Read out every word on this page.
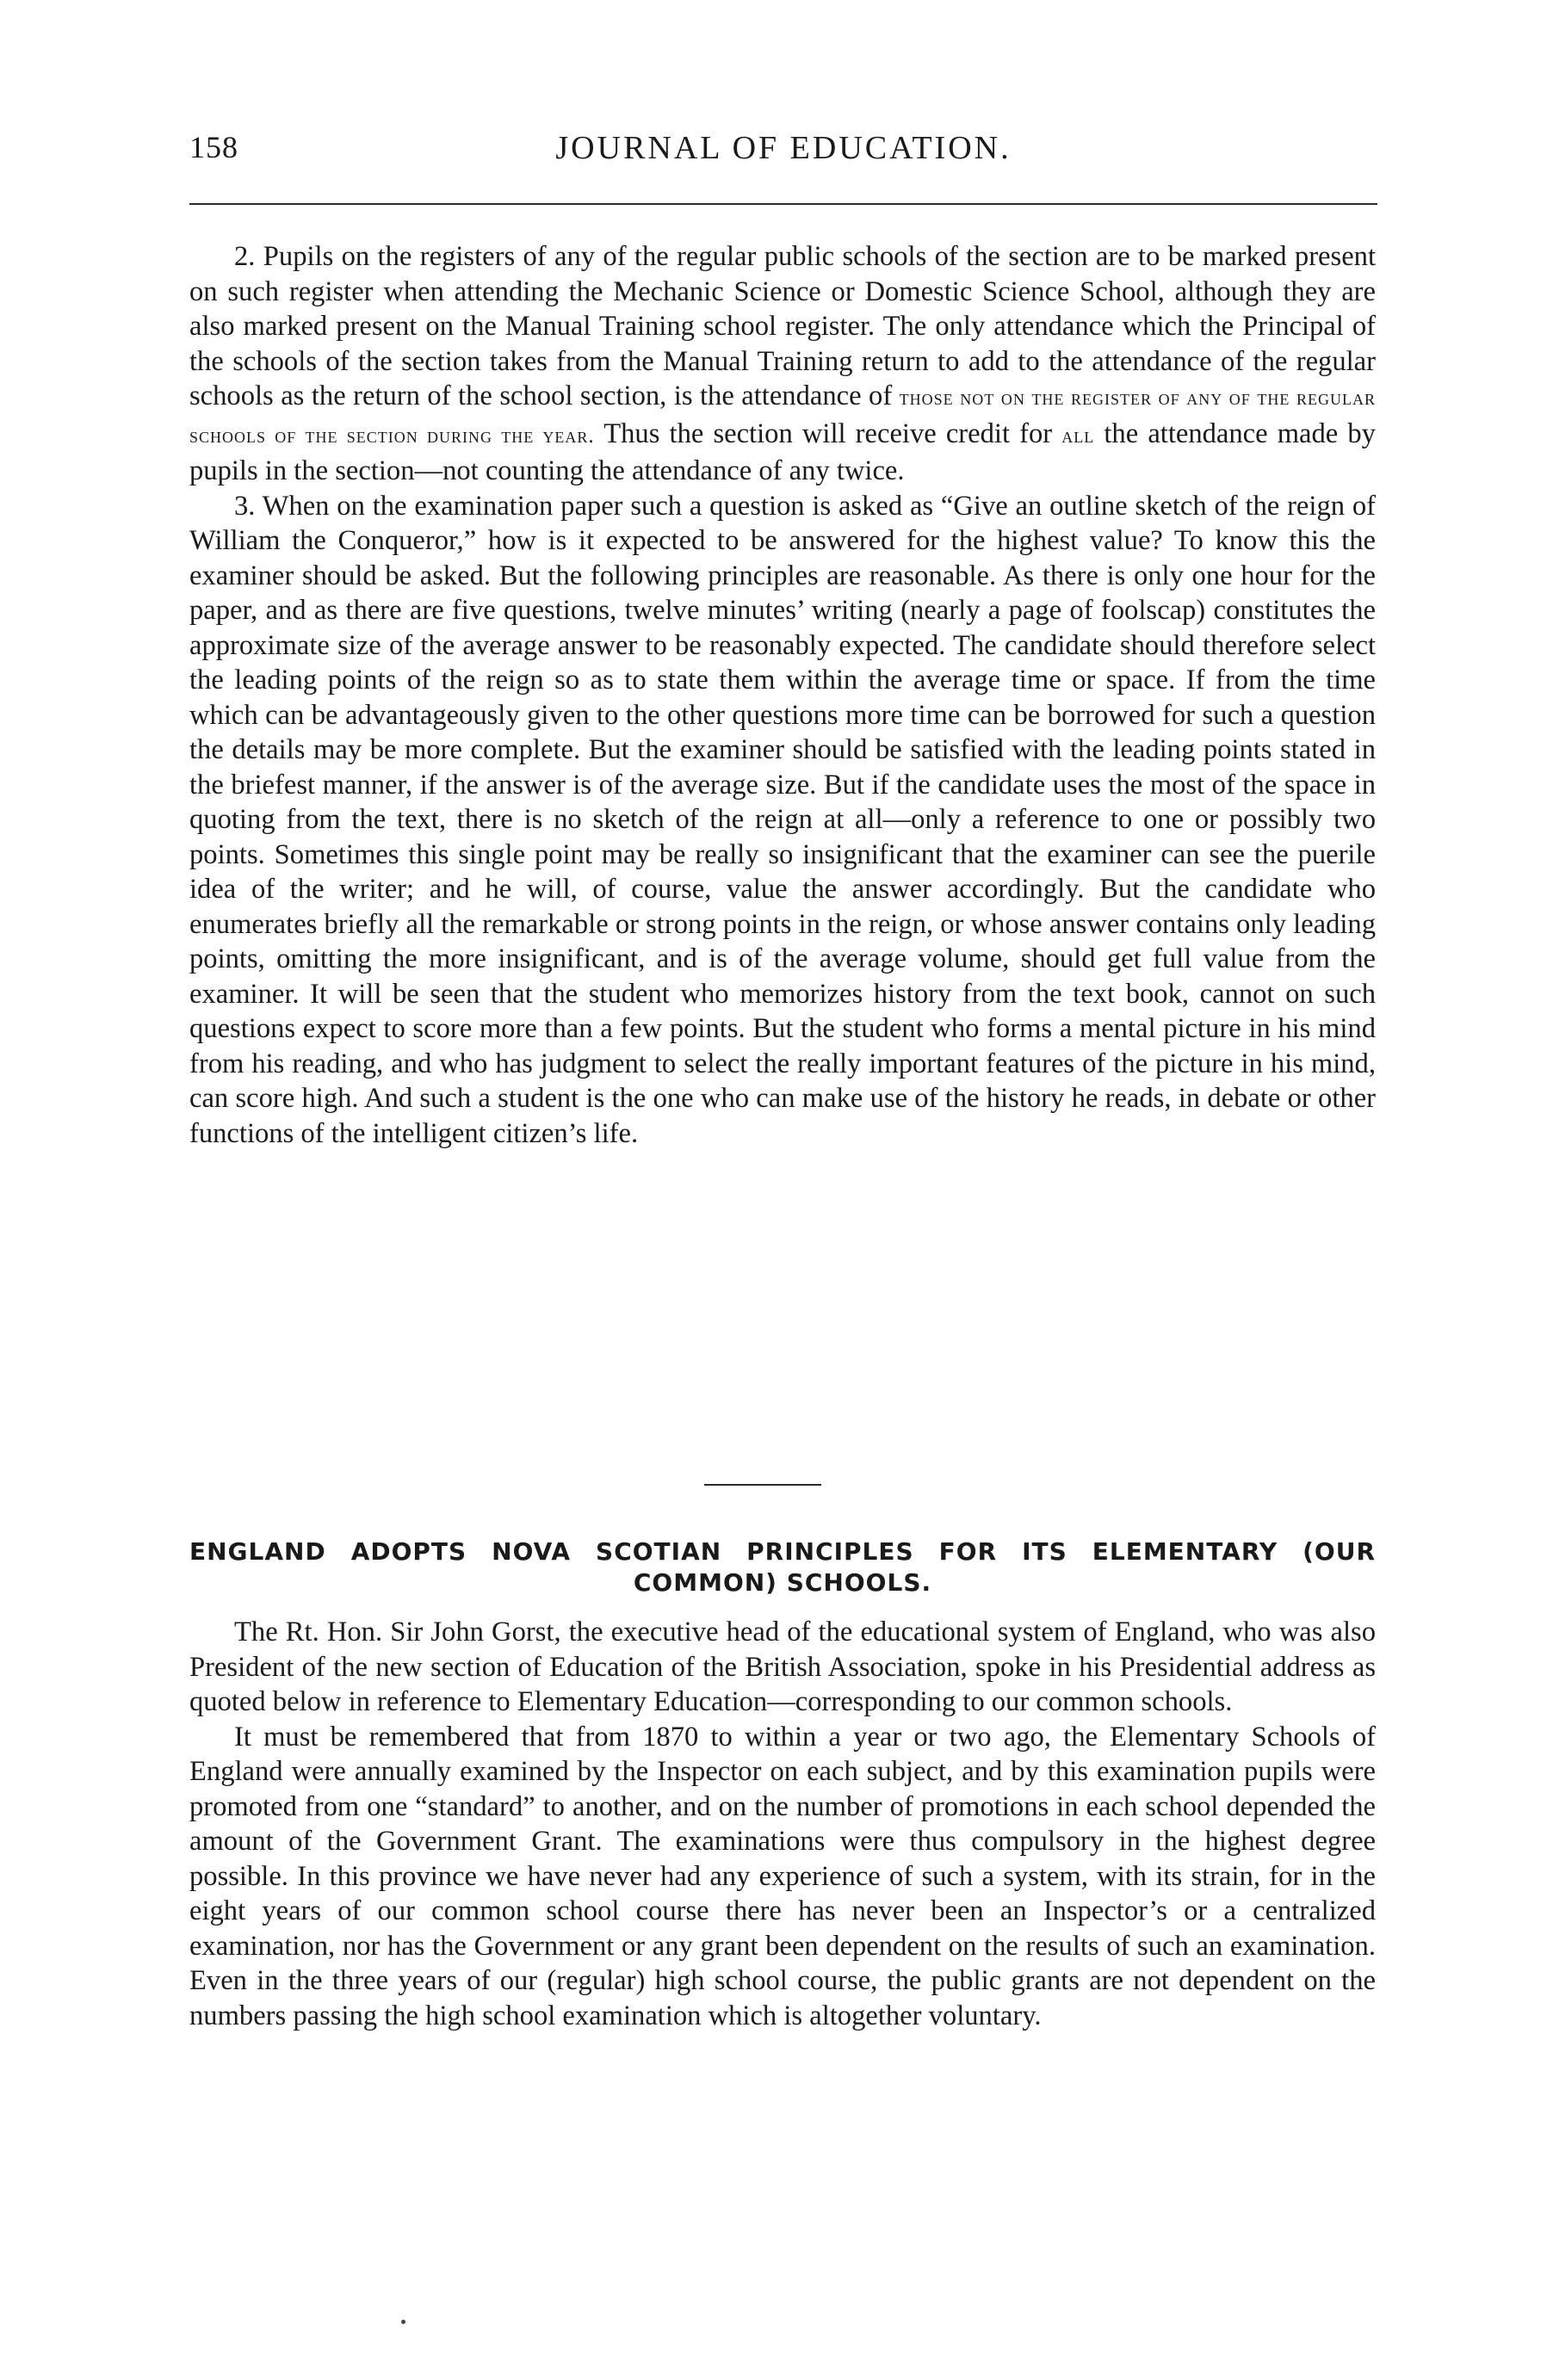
158	JOURNAL OF EDUCATION.

2. Pupils on the registers of any of the regular public schools of the section are to be marked present on such register when attending the Mechanic Science or Domestic Science School, although they are also marked present on the Manual Training school register. The only attendance which the Principal of the schools of the section takes from the Manual Training return to add to the attendance of the regular schools as the return of the school section, is the attendance of those not on the register of any of the regular schools of the section during the year. Thus the section will receive credit for all the attendance made by pupils in the section—not counting the attendance of any twice.

3. When on the examination paper such a question is asked as “Give an outline sketch of the reign of William the Conqueror,” how is it expected to be answered for the highest value? To know this the examiner should be asked. But the following principles are reasonable. As there is only one hour for the paper, and as there are five questions, twelve minutes’ writing (nearly a page of foolscap) constitutes the approximate size of the average answer to be reasonably expected. The candidate should therefore select the leading points of the reign so as to state them within the average time or space. If from the time which can be advantageously given to the other questions more time can be borrowed for such a question the details may be more complete. But the examiner should be satisfied with the leading points stated in the briefest manner, if the answer is of the average size. But if the candidate uses the most of the space in quoting from the text, there is no sketch of the reign at all—only a reference to one or possibly two points. Sometimes this single point may be really so insignificant that the examiner can see the puerile idea of the writer; and he will, of course, value the answer accordingly. But the candidate who enumerates briefly all the remarkable or strong points in the reign, or whose answer contains only leading points, omitting the more insignificant, and is of the average volume, should get full value from the examiner. It will be seen that the student who memorizes history from the text book, cannot on such questions expect to score more than a few points. But the student who forms a mental picture in his mind from his reading, and who has judgment to select the really important features of the picture in his mind, can score high. And such a student is the one who can make use of the history he reads, in debate or other functions of the intelligent citizen’s life.

ENGLAND ADOPTS NOVA SCOTIAN PRINCIPLES FOR ITS ELEMENTARY (OUR COMMON) SCHOOLS.

The Rt. Hon. Sir John Gorst, the executive head of the educational system of England, who was also President of the new section of Education of the British Association, spoke in his Presidential address as quoted below in reference to Elementary Education—corresponding to our common schools.

It must be remembered that from 1870 to within a year or two ago, the Elementary Schools of England were annually examined by the Inspector on each subject, and by this examination pupils were promoted from one “standard” to another, and on the number of promotions in each school depended the amount of the Government Grant. The examinations were thus compulsory in the highest degree possible. In this province we have never had any experience of such a system, with its strain, for in the eight years of our common school course there has never been an Inspector’s or a centralized examination, nor has the Government or any grant been dependent on the results of such an examination. Even in the three years of our (regular) high school course, the public grants are not dependent on the numbers passing the high school examination which is altogether voluntary.
